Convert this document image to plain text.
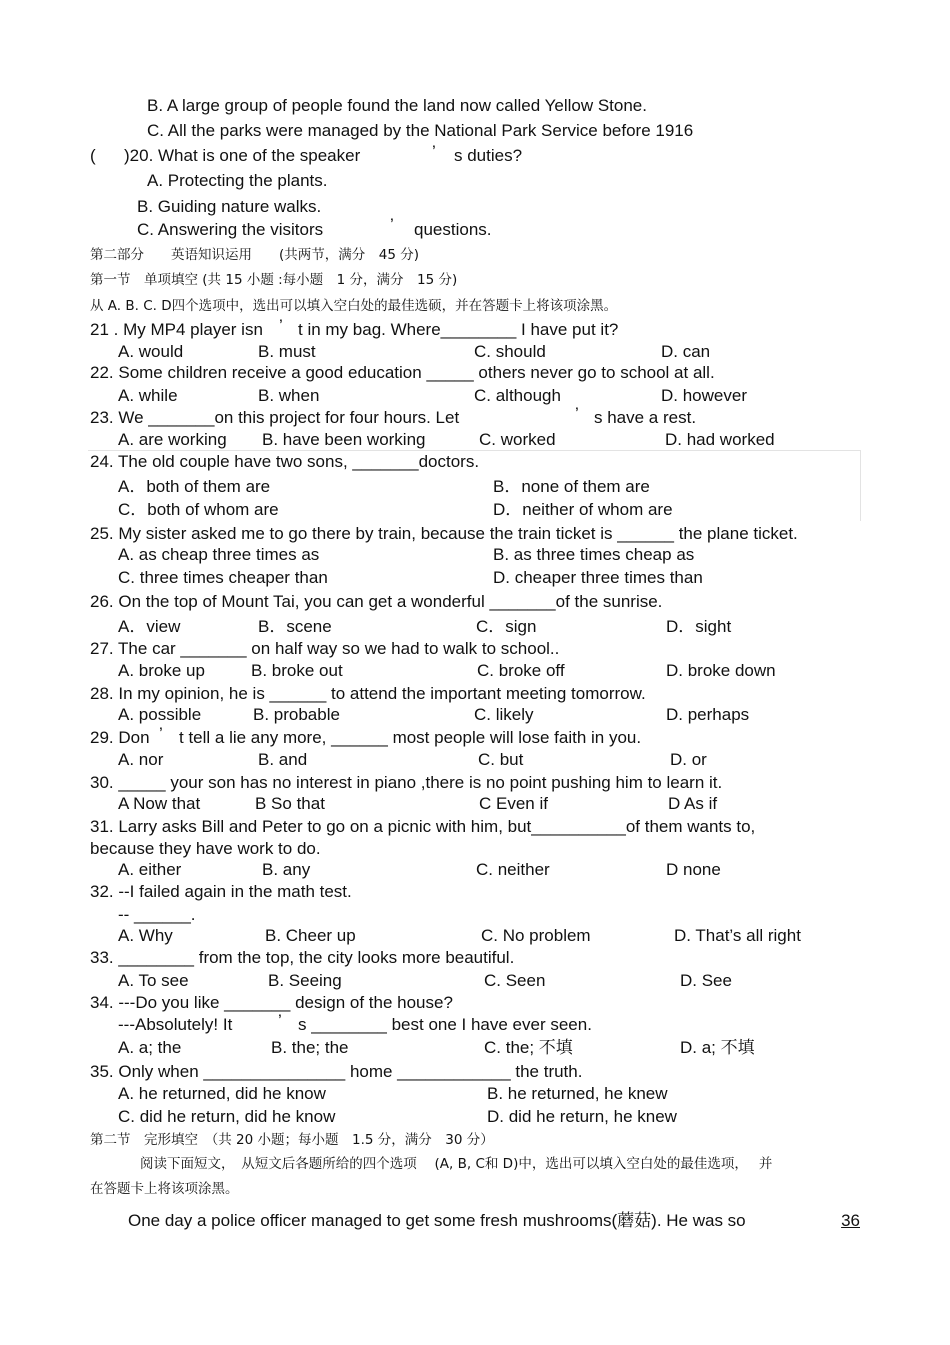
B. A large group of people found the land now called Yellow Stone.
C. All the parks were managed by the National Park Service before 1916
( )20. What is one of the speaker	’ s duties?
A. Protecting the plants.
B. Guiding nature walks.
C. Answering the visitors	’ questions.
第二部分　　英语知识运用　　(共两节，满分　45 分)
第一节　单项填空 (共 15 小题 :每小题　1 分，满分　15 分)
从 A. B. C. D四个选项中，选出可以填入空白处的最佳选硕，并在答题卡上将该项涂黑。
21 . My MP4 player isn ’ t in my bag. Where________ I have put it?
A. would	B. must	C. should	D. can
22. Some children receive a good education _____ others never go to school at all.
A. while	B. when	C. although	D. however
23. We _______on this project for four hours. Let	’ s have a rest.
A. are working B. have been working	C. worked	D. had worked
24. The old couple have two sons, _______doctors.
A．both of them are	B．none of them are
C．both of whom are	D．neither of whom are
25. My sister asked me to go there by train, because the train ticket is ______ the plane ticket.
A. as cheap three times as	B. as three times cheap as
C. three times cheaper than	D. cheaper three times than
26. On the top of Mount Tai, you can get a wonderful _______of the sunrise.
A．view	B．scene	C．sign	D．sight
27. The car _______ on half way so we had to walk to school..
A. broke up	B. broke out	C. broke off	D. broke down
28. In my opinion, he is ______ to attend the important meeting tomorrow.
A. possible	B. probable	C. likely	D. perhaps
29. Don ’ t tell a lie any more, ______ most people will lose faith in you.
A. nor	B. and	C. but	D. or
30. _____ your son has no interest in piano ,there is no point pushing him to learn it.
A Now that	B So that	C Even if	D As if
31. Larry asks Bill and Peter to go on a picnic with him, but__________of them wants to,
because they have work to do.
A. either	B. any	C. neither	D none
32. --I failed again in the math test.
-- ______.
A. Why	B. Cheer up	C. No problem	D. That’s all right
33. ________ from the top, the city looks more beautiful.
A. To see	B. Seeing	C. Seen	D. See
34. ---Do you like _______ design of the house?
---Absolutely! It	’ s ________ best one I have ever seen.
A. a; the	B. the; the	C. the; 不填	D. a; 不填
35. Only when _______________ home ____________ the truth.
A. he returned, did he know	B. he returned, he knew
C. did he return, did he know	D. did he return, he knew
第二节　完形填空　（共 20 小题；每小题　1.5 分，满分　30 分）
阅读下面短文，　从短文后各题所给的四个选项　 (A, B, C和 D)中，选出可以填入空白处的最佳选项，　 并
在答题卡上将该项涂黑。
One day a police officer managed to get some fresh mushrooms(蘑菇). He was so	36
